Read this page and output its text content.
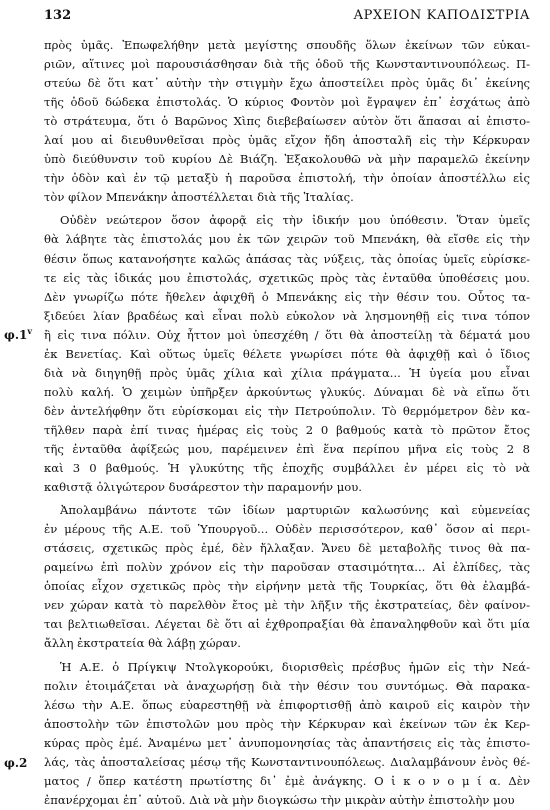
132	ΑΡΧΕΙΟΝ ΚΑΠΟΔΙΣΤΡΙΑ
φ.1$^v$
φ.2
πρὸς ὑμᾶς. Ἐπωφελήθην μετὰ μεγίστης σπουδῆς ὅλων ἐκείνων τῶν εὐκαι-
ριῶν, αἵτινες μοὶ παρουσιάσθησαν διὰ τῆς ὁδοῦ τῆς Κωνσταντινουπόλεως. Π-
στεύω δὲ ὅτι κατ᾽ αὐτὴν τὴν στιγμὴν ἔχω ἀποστείλει πρὸς ὑμᾶς δι᾽ ἐκείνης
τῆς ὁδοῦ δώδεκα ἐπιστολάς. Ὁ κύριος Φοντὸν μοὶ ἔγραψεν ἐπ᾽ ἐσχάτως ἀπὸ
τὸ στράτευμα, ὅτι ὁ Βαρῶνος Χὶπς διεβεβαίωσεν αὐτὸν ὅτι ἅπασαι αἱ ἐπιστο-
λαί μου αἱ διευθυνθεῖσαι πρὸς ὑμᾶς εἴχον ἤδη ἀποσταλῆ εἰς τὴν Κέρκυραν
ὑπὸ διεύθυνσιν τοῦ κυρίου Δὲ Βιάζη. Ἐξακολουθῶ νὰ μὴν παραμελῶ ἐκείνην
τὴν ὁδὸν καὶ ἐν τῷ μεταξὺ ἡ παροῦσα ἐπιστολή, τὴν ὁποίαν ἀποστέλλω εἰς
τὸν φίλον Μπενάκην ἀποστέλλεται διὰ τῆς Ἰταλίας.
Οὐδὲν νεώτερον ὅσον ἀφορᾷ εἰς τὴν ἰδικήν μου ὑπόθεσιν. Ὅταν ὑμεῖς
θὰ λάβητε τὰς ἐπιστολάς μου ἐκ τῶν χειρῶν τοῦ Μπενάκη, θὰ εἴσθε εἰς τὴν
θέσιν ὅπως κατανοήσητε καλῶς ἁπάσας τὰς νύξεις, τὰς ὁποίας ὑμεῖς εὑρίσκε-
τε εἰς τὰς ἰδικάς μου ἐπιστολάς, σχετικῶς πρὸς τὰς ἐνταῦθα ὑποθέσεις μου.
Δὲν γνωρίζω πότε ἤθελεν ἀφιχθῆ ὁ Μπενάκης εἰς τὴν θέσιν του. Οὗτος τα-
ξιδεύει λίαν βραδέως καὶ εἶναι πολὺ εὐκολον νὰ λησμονηθῇ εἰς τινα τόπον
ἢ εἰς τινα πόλιν. Οὐχ ἧττον μοὶ ὑπεσχέθη / ὅτι θὰ ἀποστείλῃ τὰ δέματά μου
ἐκ Βενετίας. Καὶ οὕτως ὑμεῖς θέλετε γνωρίσει πότε θὰ ἀφιχθῇ καὶ ὁ ἴδιος
διὰ νὰ διηγηθῇ πρὸς ὑμᾶς χίλια καὶ χίλια πράγματα... Ἡ ὑγεία μου εἶναι
πολὺ καλή. Ὁ χειμὼν ὑπῆρξεν ἀρκούντως γλυκύς. Δύναμαι δὲ νὰ εἴπω ὅτι
δὲν ἀντελήφθην ὅτι εὑρίσκομαι εἰς τὴν Πετρούπολιν. Τὸ θερμόμετρον δὲν κα-
τῆλθεν παρὰ ἐπί τινας ἡμέρας εἰς τοὺς 2 0 βαθμούς κατὰ τὸ πρῶτον ἔτος
τῆς ἐνταῦθα ἀφίξεώς μου, παρέμεινεν ἐπὶ ἕνα περίπου μῆνα εἰς τοὺς 2 8
καὶ 3 0 βαθμούς. Ἡ γλυκύτης τῆς ἐποχῆς συμβάλλει ἐν μέρει εἰς τὸ νὰ
καθιστᾷ ὀλιγώτερον δυσάρεστον τὴν παραμονήν μου.
Ἀπολαμβάνω πάντοτε τῶν ἰδίων μαρτυριῶν καλωσύνης καὶ εὐμενείας
ἐν μέρους τῆς Α.Ε. τοῦ Ὑπουργοῦ... Οὐδὲν περισσότερον, καθ᾽ ὅσον αἱ περι-
στάσεις, σχετικῶς πρὸς ἐμέ, δὲν ἤλλαξαν. Ἄνευ δὲ μεταβολῆς τινος θὰ πα-
ραμείνω ἐπὶ πολὺν χρόνον εἰς τὴν παροῦσαν στασιμότητα... Αἱ ἐλπίδες, τὰς
ὁποίας εἶχον σχετικῶς πρὸς τὴν εἰρήνην μετὰ τῆς Τουρκίας, ὅτι θὰ ἐλαμβά-
νεν χώραν κατὰ τὸ παρελθὸν ἔτος μὲ τὴν λῆξιν τῆς ἐκστρατείας, δὲν φαίνον-
ται βελτιωθεῖσαι. Λέγεται δὲ ὅτι αἱ ἐχθροπραξίαι θὰ ἐπαναληφθοῦν καὶ ὅτι μία
ἄλλη ἐκστρατεία θὰ λάβῃ χώραν.
Ἡ Α.Ε. ὁ Πρίγκιψ Ντολγκορούκι, διορισθεὶς πρέσβυς ἡμῶν εἰς τὴν Νεά-
πολιν ἑτοιμάζεται νὰ ἀναχωρήσῃ διὰ τὴν θέσιν του συντόμως. Θὰ παρακα-
λέσω τὴν Α.Ε. ὅπως εὐαρεστηθῇ νὰ ἐπιφορτισθῇ ἀπὸ καιροῦ εἰς καιρὸν τὴν
ἀποστολὴν τῶν ἐπιστολῶν μου πρὸς τὴν Κέρκυραν καὶ ἐκείνων τῶν ἐκ Κερ-
κύρας πρὸς ἐμέ. Ἀναμένω μετ᾽ ἀνυπομονησίας τὰς ἀπαντήσεις εἰς τὰς ἐπιστο-
λάς, τὰς ἀποσταλείσας μέσῳ τῆς Κωνσταντινουπόλεως. Διαλαμβάνουν ἑνὸς θέ-
ματος / ὅπερ κατέστη πρωτίστης δι᾽ ἐμὲ ἀνάγκης. Ο ἰ κ ο ν ο μ ί α. Δὲν
ἐπανέρχομαι ἐπ᾽ αὐτοῦ. Διὰ νὰ μὴν διογκώσω τὴν μικρὰν αὐτὴν ἐπιστολὴν μου
